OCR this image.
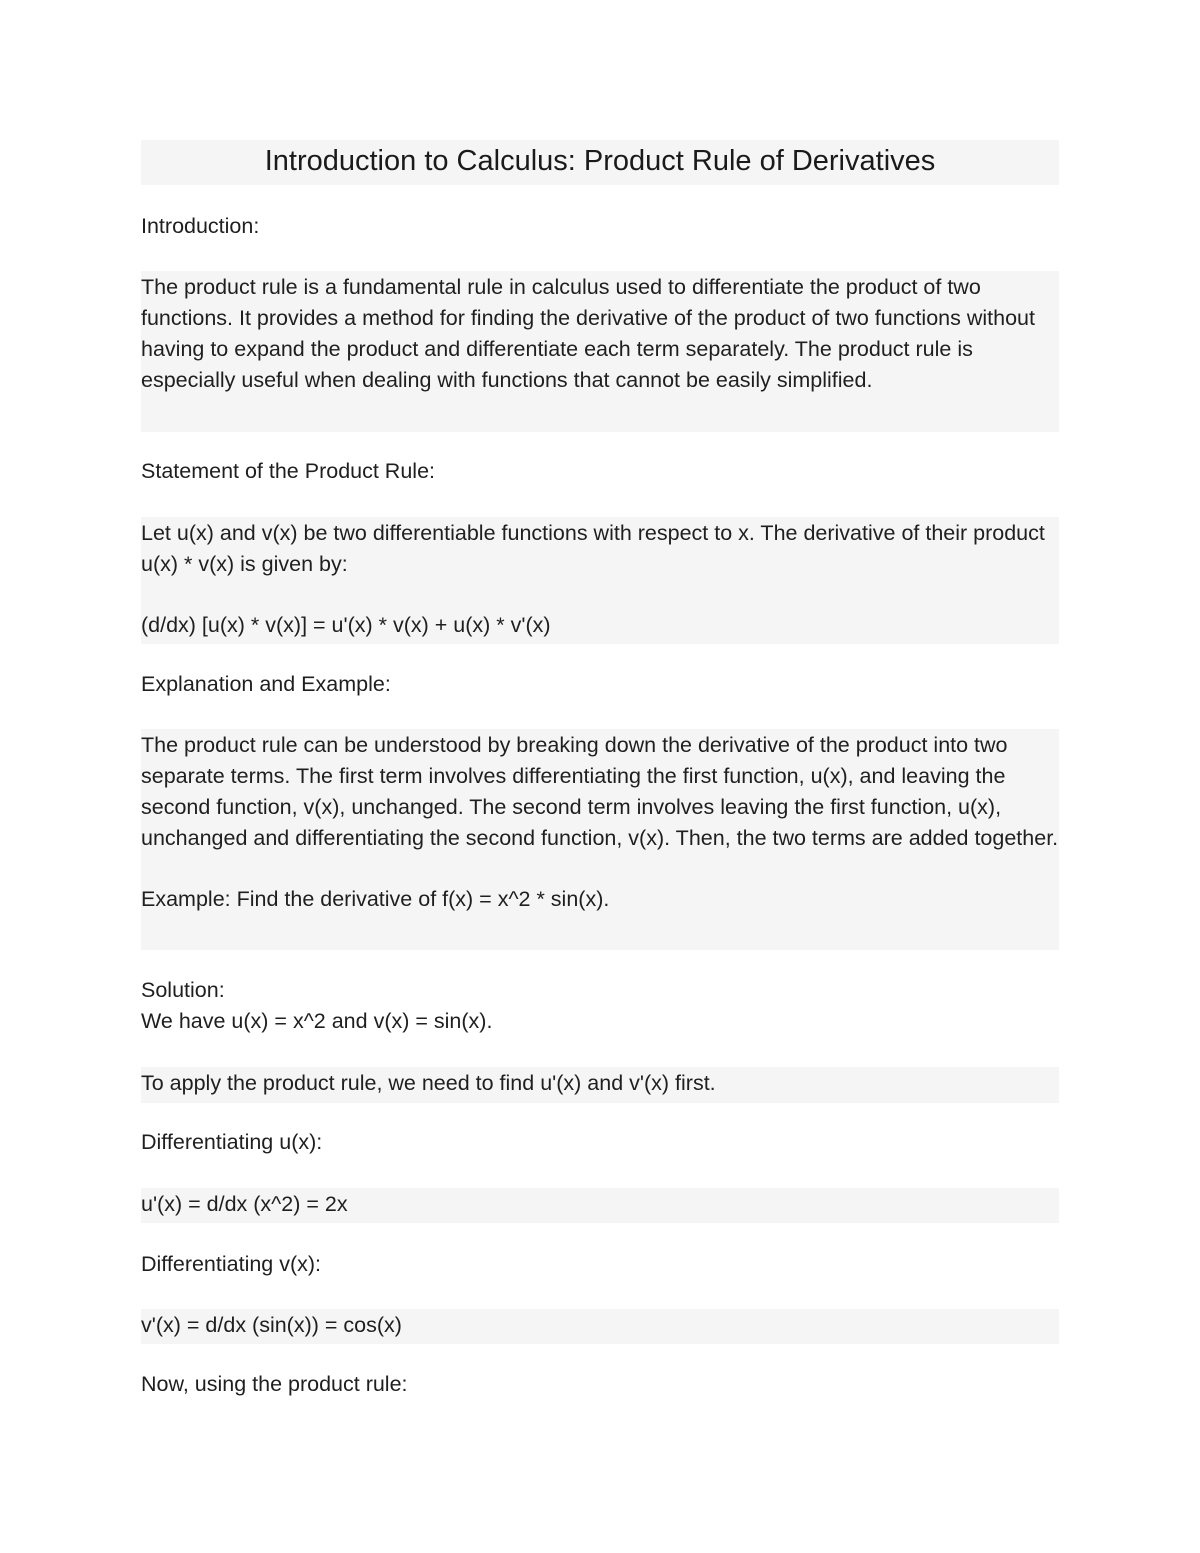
Introduction to Calculus: Product Rule of Derivatives
Introduction:

The product rule is a fundamental rule in calculus used to differentiate the product of two functions. It provides a method for finding the derivative of the product of two functions without having to expand the product and differentiate each term separately. The product rule is especially useful when dealing with functions that cannot be easily simplified.

Statement of the Product Rule:

Let u(x) and v(x) be two differentiable functions with respect to x. The derivative of their product u(x) * v(x) is given by:

(d/dx) [u(x) * v(x)] = u'(x) * v(x) + u(x) * v'(x)

Explanation and Example:

The product rule can be understood by breaking down the derivative of the product into two separate terms. The first term involves differentiating the first function, u(x), and leaving the second function, v(x), unchanged. The second term involves leaving the first function, u(x), unchanged and differentiating the second function, v(x). Then, the two terms are added together.

Example: Find the derivative of f(x) = x^2 * sin(x).

Solution:
We have u(x) = x^2 and v(x) = sin(x).
To apply the product rule, we need to find u'(x) and v'(x) first.
Differentiating u(x):
u'(x) = d/dx (x^2) = 2x
Differentiating v(x):
v'(x) = d/dx (sin(x)) = cos(x)
Now, using the product rule:
